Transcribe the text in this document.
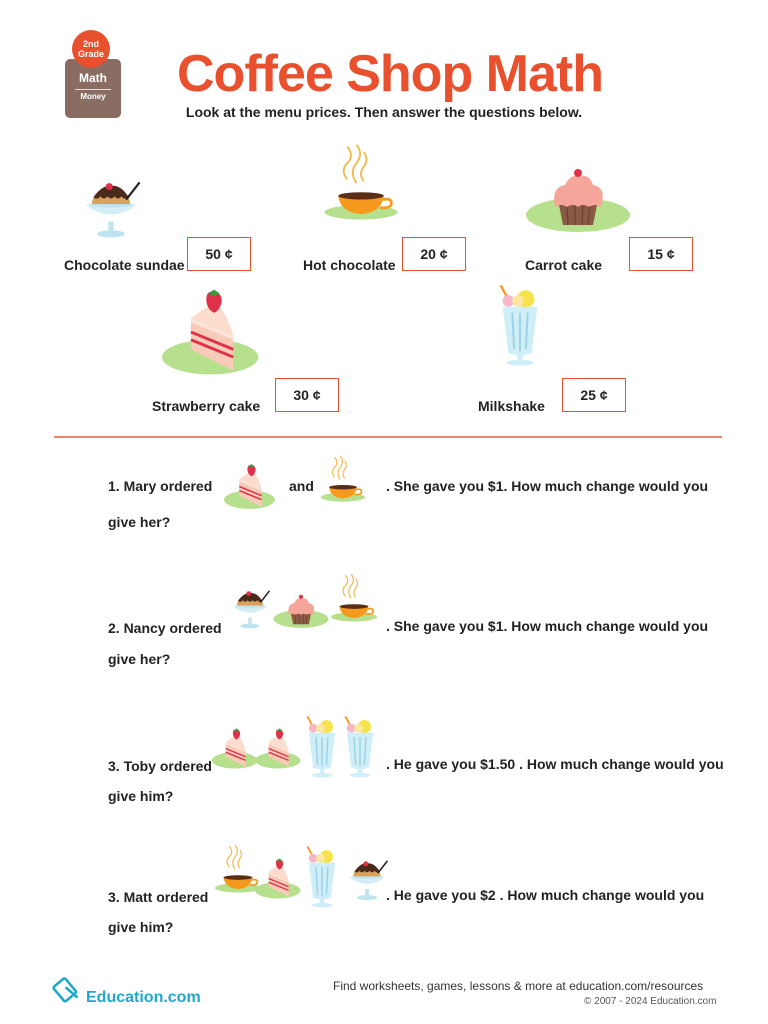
Math
Money
2nd
Grade	Coffee Shop Math
Look at the menu prices. Then answer the questions below.
Chocolate sundae
50 ¢
Hot chocolate
20 ¢
Carrot cake
15 ¢
Strawberry cake
30 ¢
Milkshake
25 ¢
1. Mary ordered	and	. She gave you $1. How much change would you
give her?
2. Nancy ordered	. She gave you $1. How much change would you
give her?
3. Toby ordered	. He gave you $1.50 . How much change would you
give him?
3. Matt ordered	. He gave you $2 . How much change would you
give him?
Education.com
Find worksheets, games, lessons & more at education.com/resources
© 2007 - 2024 Education.com
